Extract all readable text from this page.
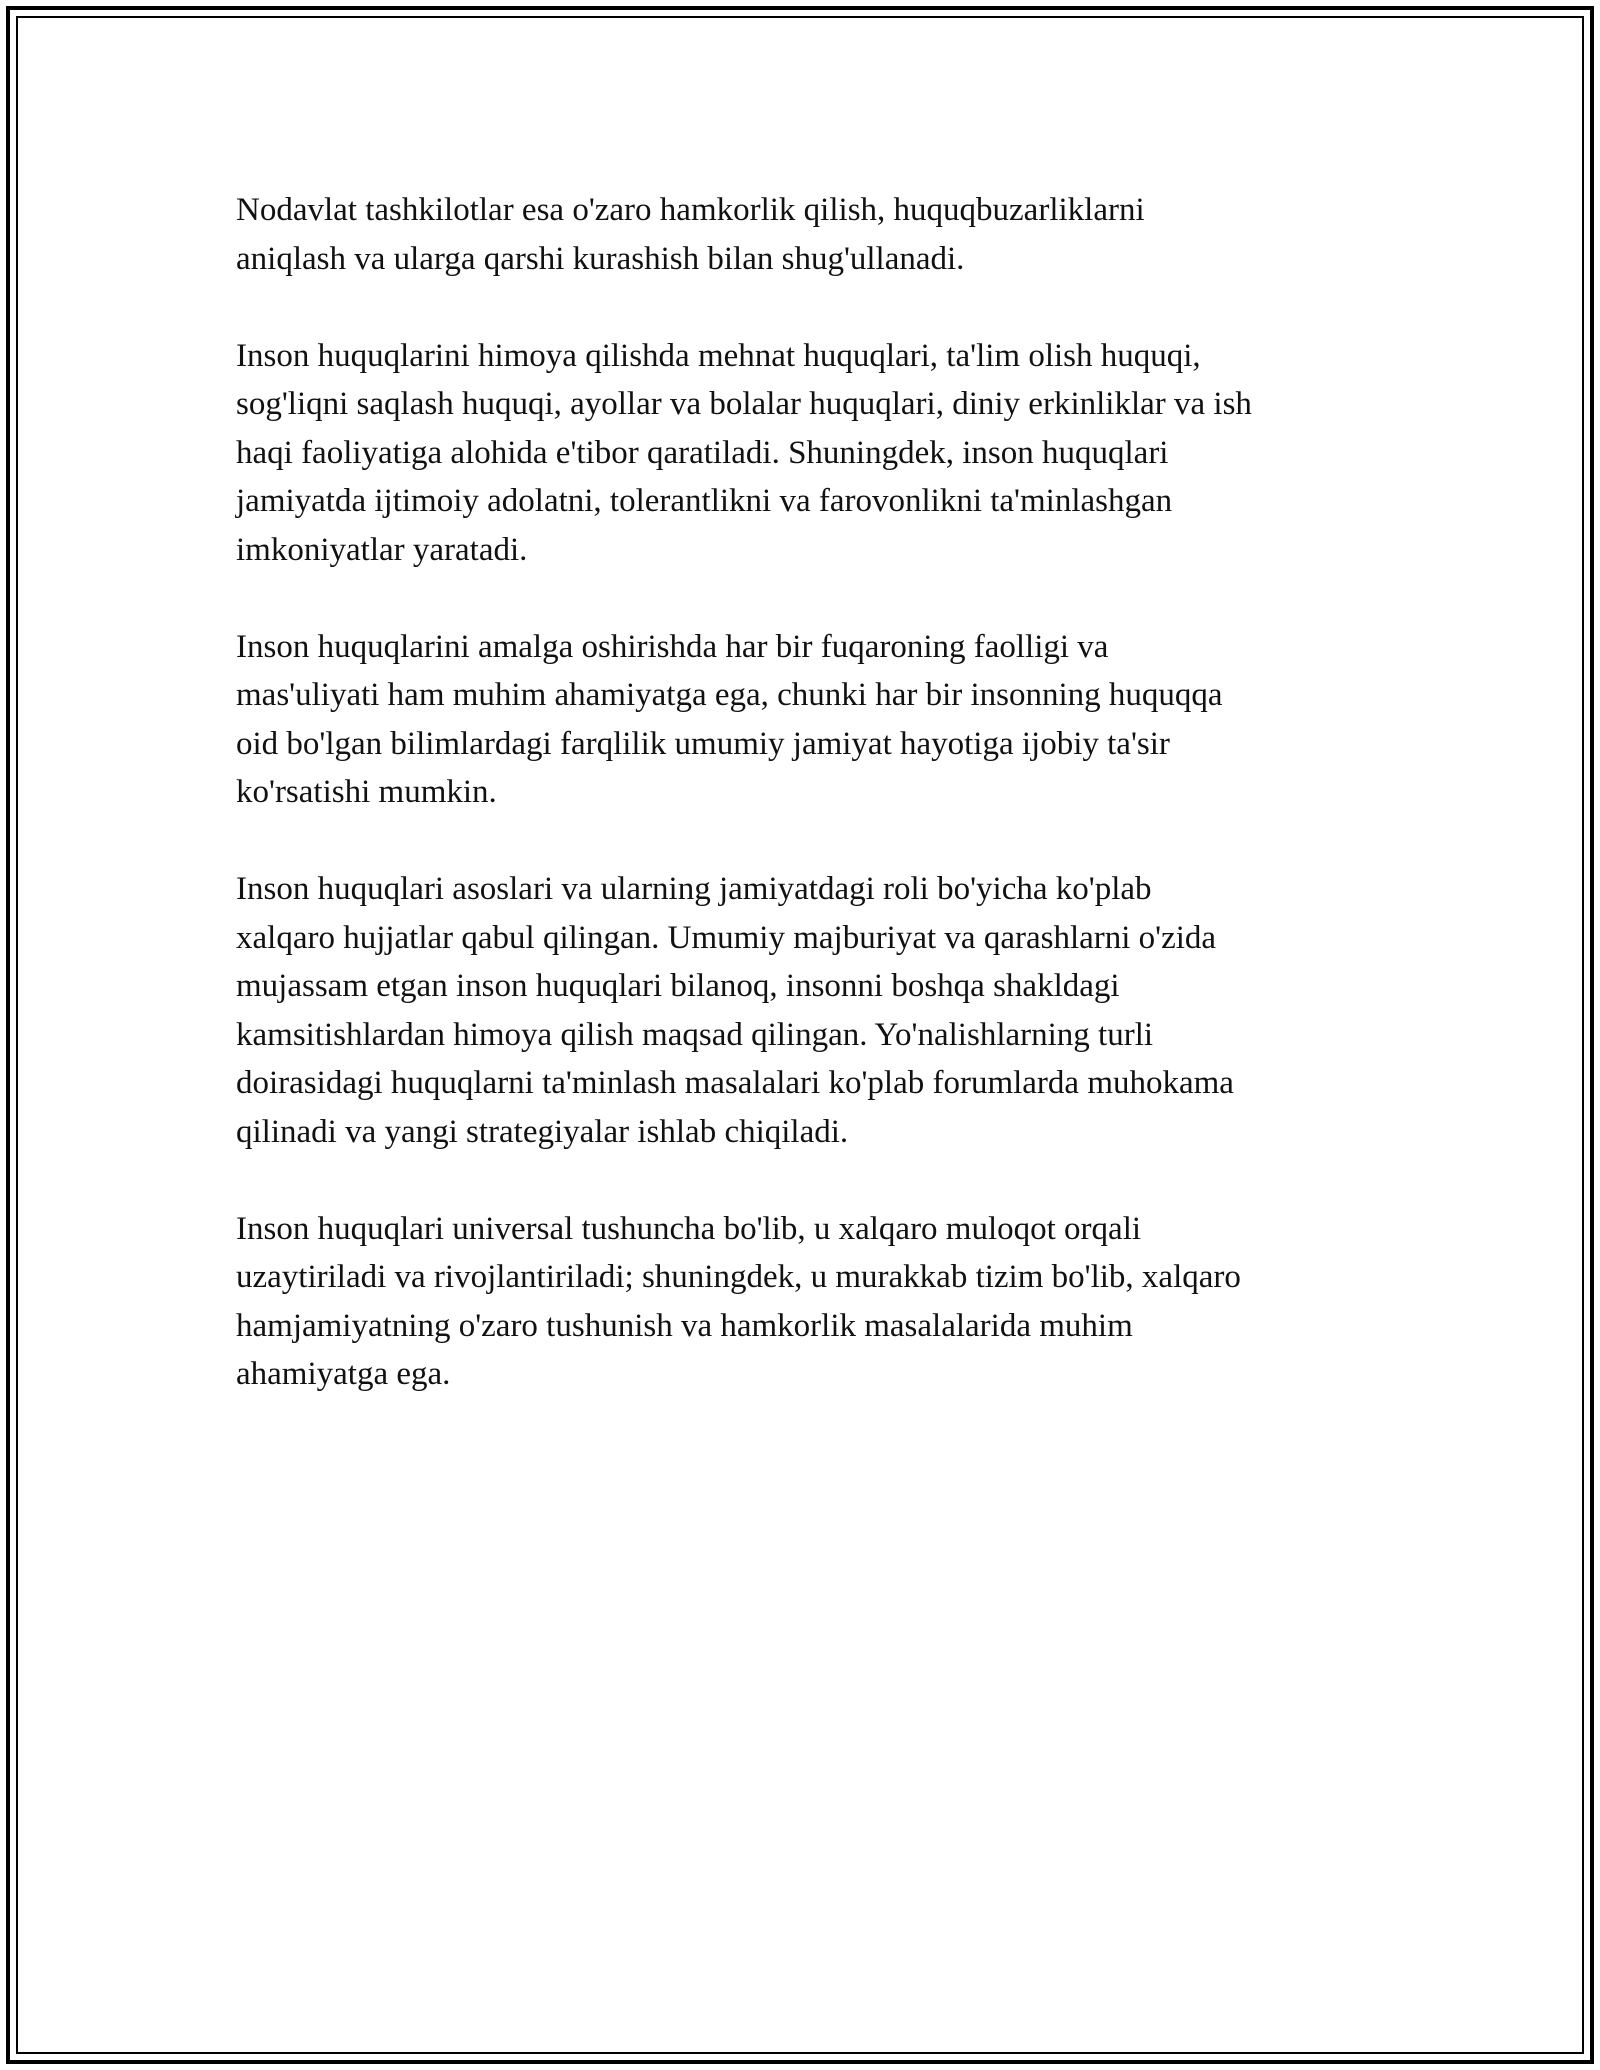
Nodavlat tashkilotlar esa o'zaro hamkorlik qilish, huquqbuzarliklarni
aniqlash va ularga qarshi kurashish bilan shug'ullanadi.

Inson huquqlarini himoya qilishda mehnat huquqlari, ta'lim olish huquqi,
sog'liqni saqlash huquqi, ayollar va bolalar huquqlari, diniy erkinliklar va ish
haqi faoliyatiga alohida e'tibor qaratiladi. Shuningdek, inson huquqlari
jamiyatda ijtimoiy adolatni, tolerantlikni va farovonlikni ta'minlashgan
imkoniyatlar yaratadi.

Inson huquqlarini amalga oshirishda har bir fuqaroning faolligi va
mas'uliyati ham muhim ahamiyatga ega, chunki har bir insonning huquqqa
oid bo'lgan bilimlardagi farqlilik umumiy jamiyat hayotiga ijobiy ta'sir
ko'rsatishi mumkin.

Inson huquqlari asoslari va ularning jamiyatdagi roli bo'yicha ko'plab
xalqaro hujjatlar qabul qilingan. Umumiy majburiyat va qarashlarni o'zida
mujassam etgan inson huquqlari bilanoq, insonni boshqa shakldagi
kamsitishlardan himoya qilish maqsad qilingan. Yo'nalishlarning turli
doirasidagi huquqlarni ta'minlash masalalari ko'plab forumlarda muhokama
qilinadi va yangi strategiyalar ishlab chiqiladi.

Inson huquqlari universal tushuncha bo'lib, u xalqaro muloqot orqali
uzaytiriladi va rivojlantiriladi; shuningdek, u murakkab tizim bo'lib, xalqaro
hamjamiyatning o'zaro tushunish va hamkorlik masalalarida muhim
ahamiyatga ega.
